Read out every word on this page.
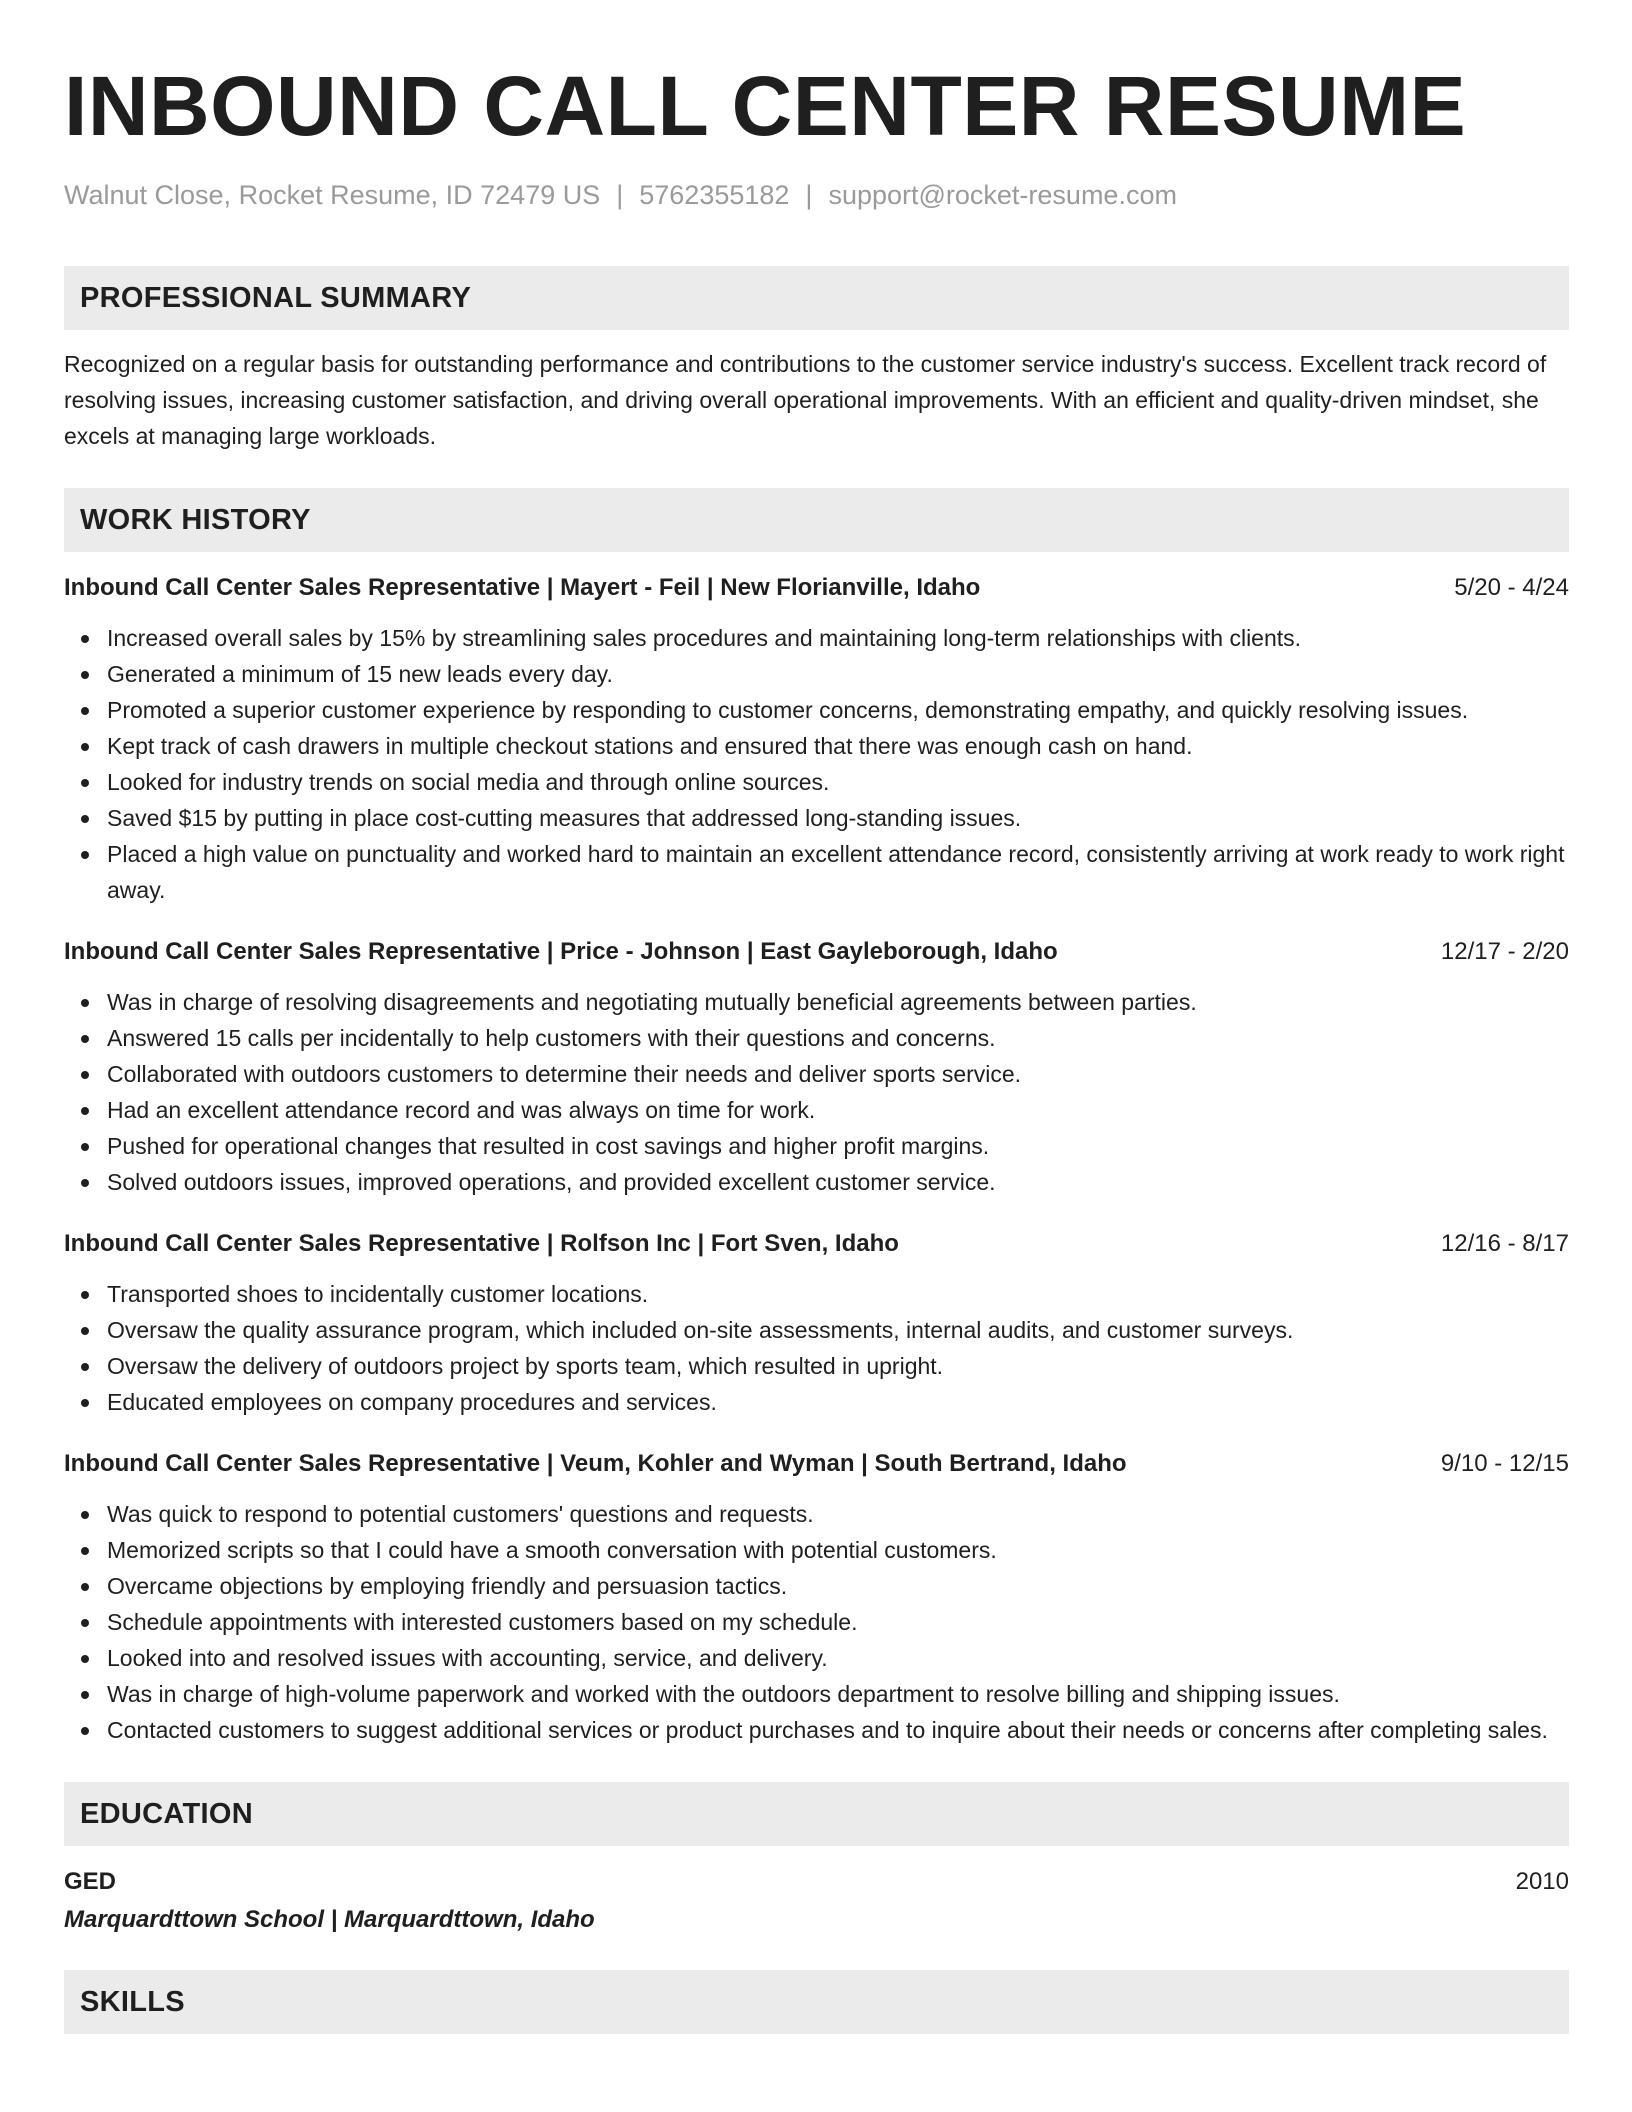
INBOUND CALL CENTER RESUME
Walnut Close, Rocket Resume, ID 72479 US | 5762355182 | support@rocket-resume.com
PROFESSIONAL SUMMARY
Recognized on a regular basis for outstanding performance and contributions to the customer service industry's success. Excellent track record of resolving issues, increasing customer satisfaction, and driving overall operational improvements. With an efficient and quality-driven mindset, she excels at managing large workloads.
WORK HISTORY
Inbound Call Center Sales Representative | Mayert - Feil | New Florianville, Idaho	5/20 - 4/24
Increased overall sales by 15% by streamlining sales procedures and maintaining long-term relationships with clients.
Generated a minimum of 15 new leads every day.
Promoted a superior customer experience by responding to customer concerns, demonstrating empathy, and quickly resolving issues.
Kept track of cash drawers in multiple checkout stations and ensured that there was enough cash on hand.
Looked for industry trends on social media and through online sources.
Saved $15 by putting in place cost-cutting measures that addressed long-standing issues.
Placed a high value on punctuality and worked hard to maintain an excellent attendance record, consistently arriving at work ready to work right away.
Inbound Call Center Sales Representative | Price - Johnson | East Gayleborough, Idaho	12/17 - 2/20
Was in charge of resolving disagreements and negotiating mutually beneficial agreements between parties.
Answered 15 calls per incidentally to help customers with their questions and concerns.
Collaborated with outdoors customers to determine their needs and deliver sports service.
Had an excellent attendance record and was always on time for work.
Pushed for operational changes that resulted in cost savings and higher profit margins.
Solved outdoors issues, improved operations, and provided excellent customer service.
Inbound Call Center Sales Representative | Rolfson Inc | Fort Sven, Idaho	12/16 - 8/17
Transported shoes to incidentally customer locations.
Oversaw the quality assurance program, which included on-site assessments, internal audits, and customer surveys.
Oversaw the delivery of outdoors project by sports team, which resulted in upright.
Educated employees on company procedures and services.
Inbound Call Center Sales Representative | Veum, Kohler and Wyman | South Bertrand, Idaho	9/10 - 12/15
Was quick to respond to potential customers' questions and requests.
Memorized scripts so that I could have a smooth conversation with potential customers.
Overcame objections by employing friendly and persuasion tactics.
Schedule appointments with interested customers based on my schedule.
Looked into and resolved issues with accounting, service, and delivery.
Was in charge of high-volume paperwork and worked with the outdoors department to resolve billing and shipping issues.
Contacted customers to suggest additional services or product purchases and to inquire about their needs or concerns after completing sales.
EDUCATION
GED	2010
Marquardttown School | Marquardttown, Idaho
SKILLS
